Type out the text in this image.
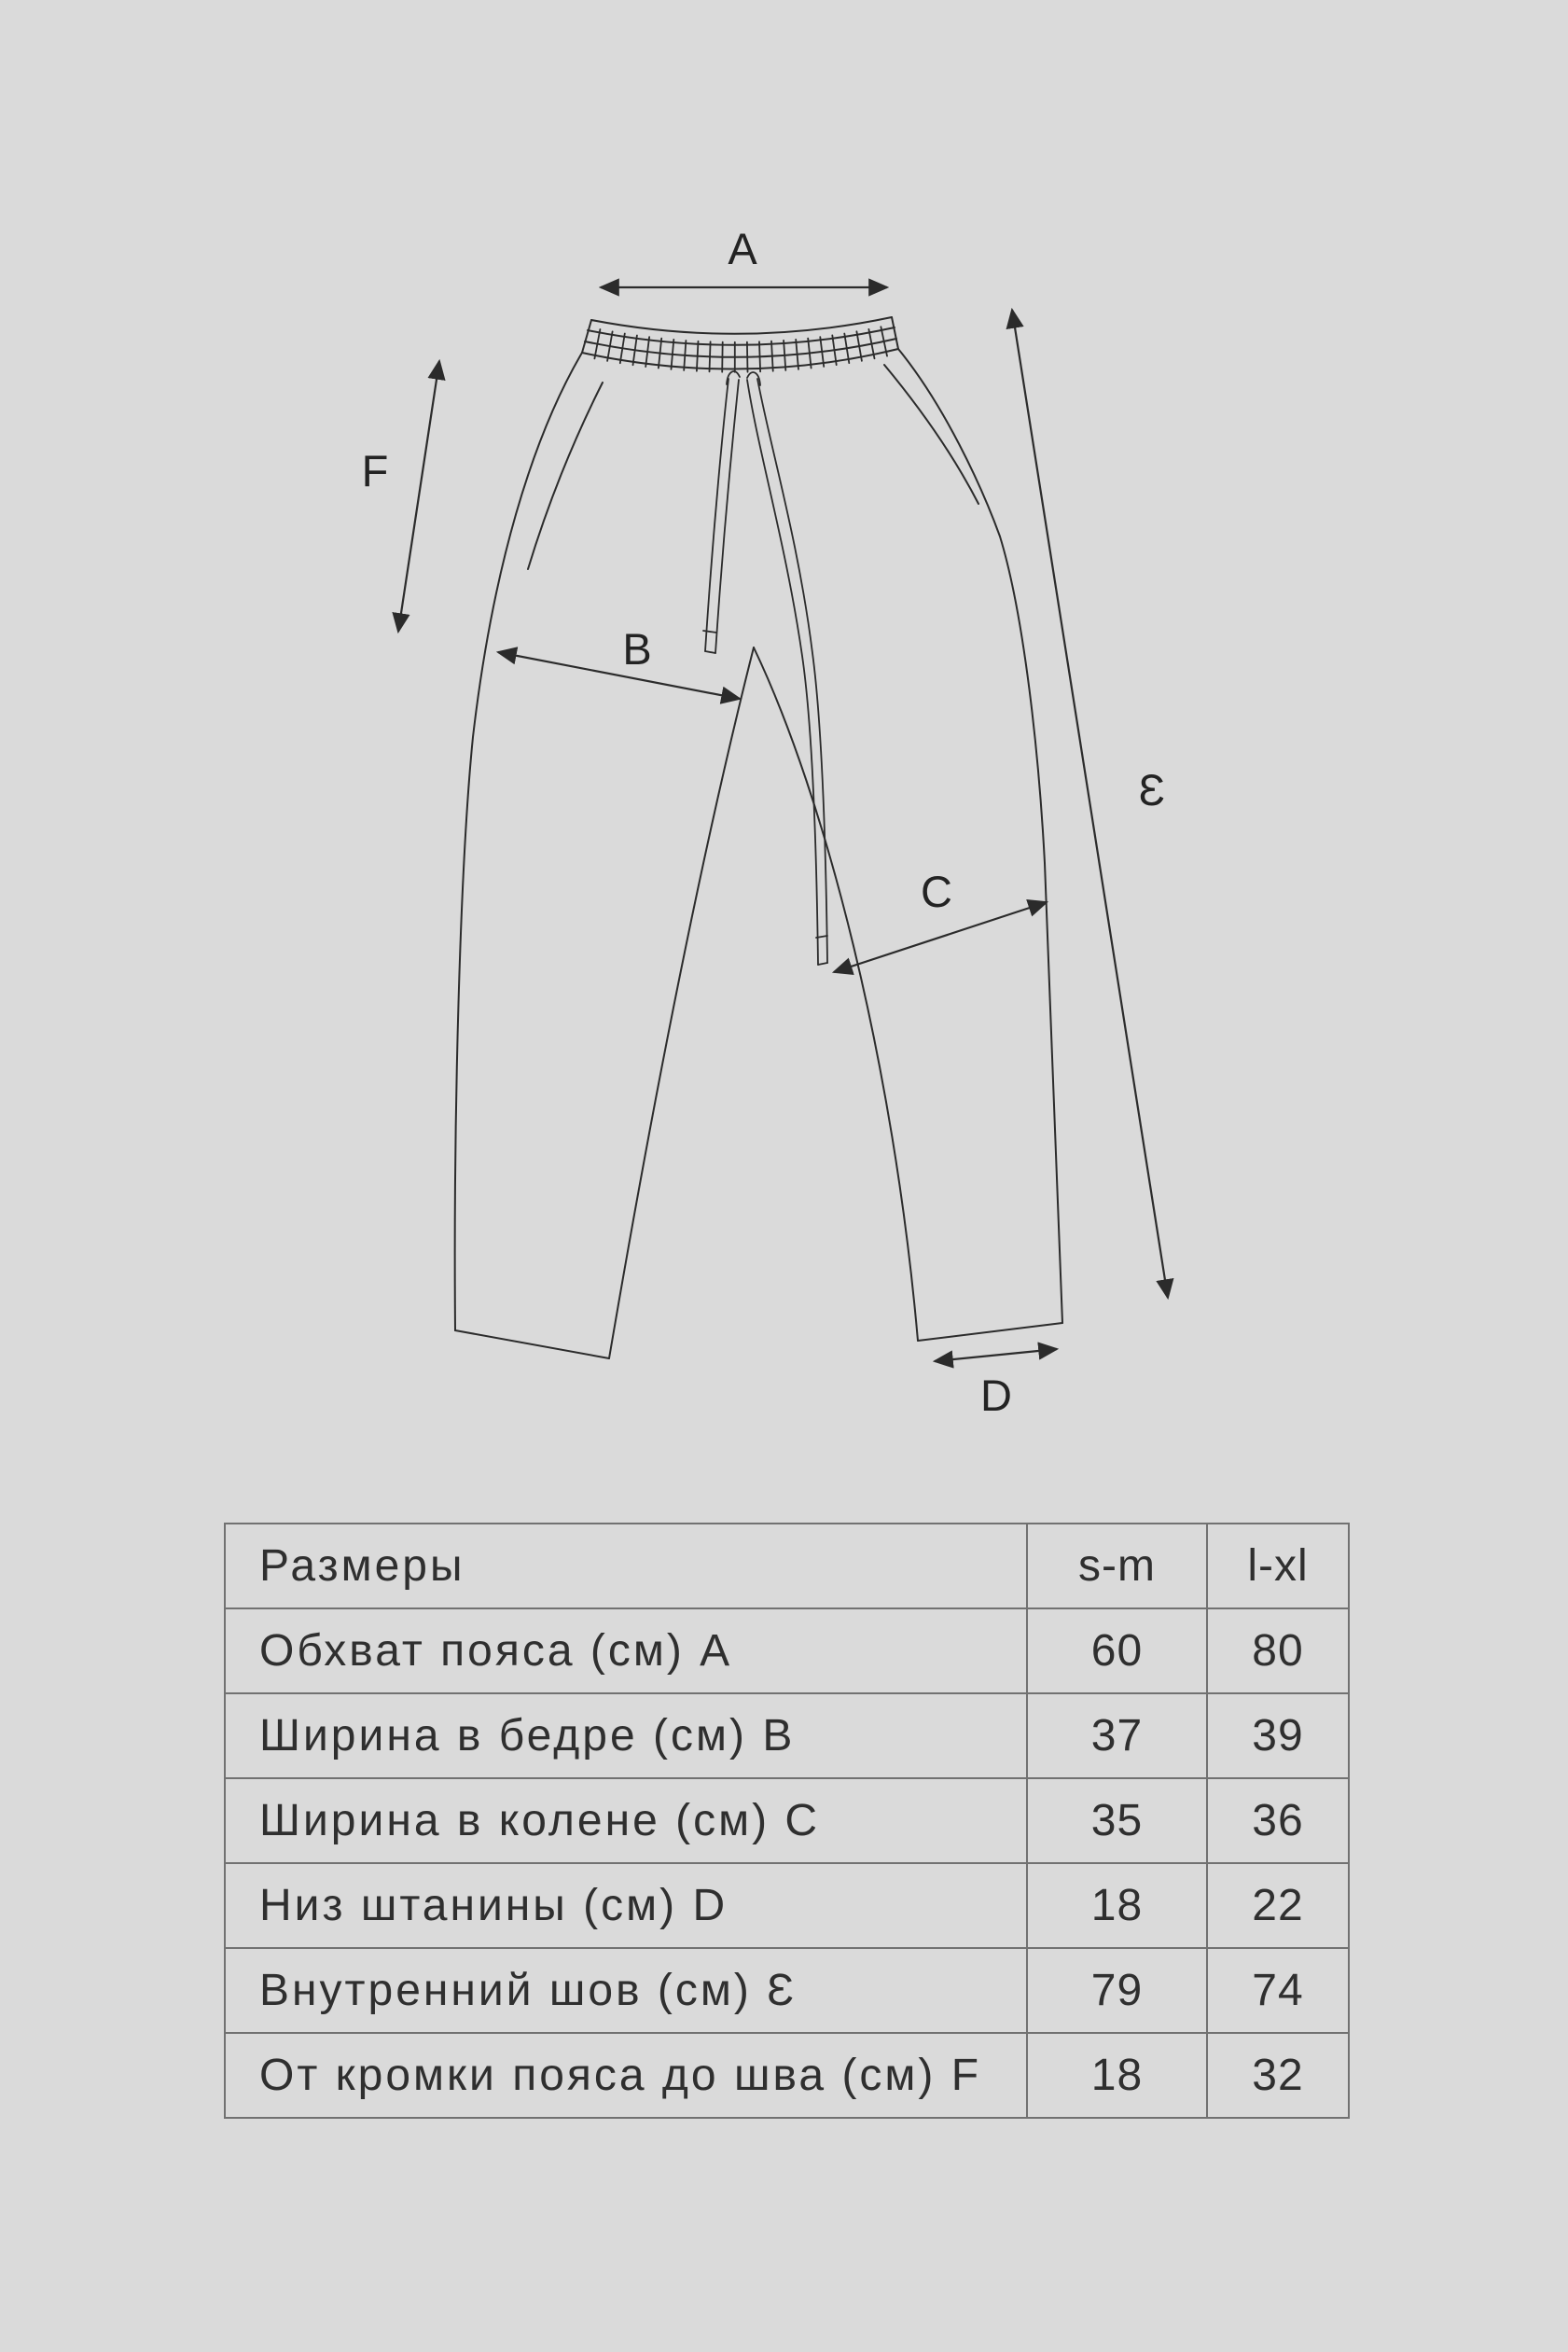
A
F
B
Ɛ
C
D
Размеры	s-m	l-xl
Обхват пояса (см) A	60	80
Ширина в бедре (см) B	37	39
Ширина в колене (см) C	35	36
Низ штанины (см) D	18	22
Внутренний шов (см) Ɛ	79	74
От кромки пояса до шва (см) F	18	32
